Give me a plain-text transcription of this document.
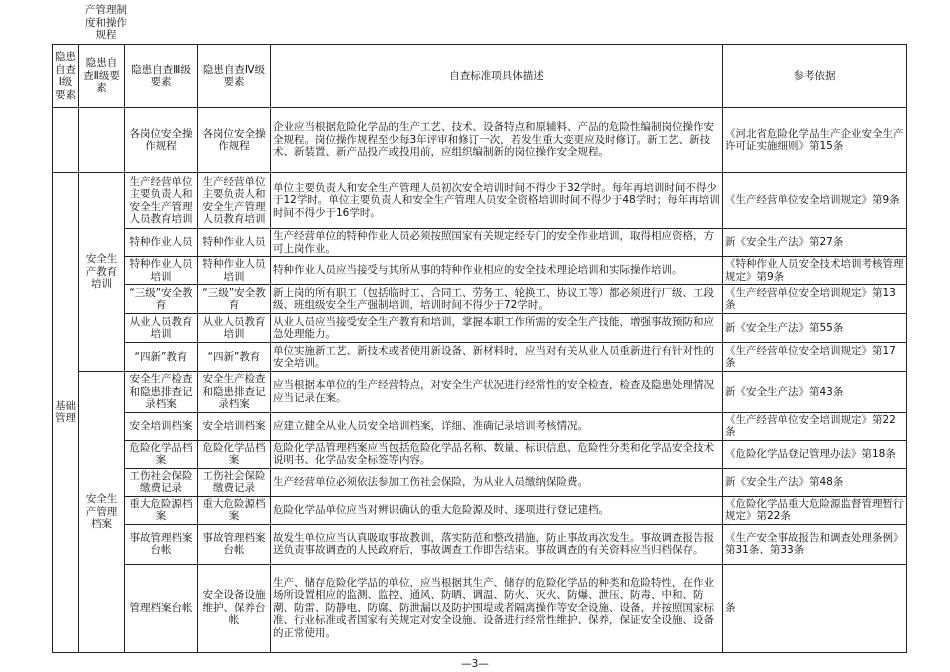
产管理制度和操作规程
隐患自查Ⅰ级要素	隐患自查Ⅱ级要素	隐患自查Ⅲ级要素	隐患自查Ⅳ级要素	自查标准项具体描述	参考依据
		各岗位安全操作规程	各岗位安全操作规程	企业应当根据危险化学品的生产工艺、技术、设备特点和原辅料、产品的危险性编制岗位操作安全规程。岗位操作规程至少每3年评审和修订一次，若发生重大变更应及时修订。新工艺、新技术、新装置、新产品投产或投用前，应组织编制新的岗位操作安全规程。	《河北省危险化学品生产企业安全生产许可证实施细则》第15条
基础管理	安全生产教育培训	生产经营单位主要负责人和安全生产管理人员教育培训	生产经营单位主要负责人和安全生产管理人员教育培训	单位主要负责人和安全生产管理人员初次安全培训时间不得少于32学时。每年再培训时间不得少于12学时。单位主要负责人和安全生产管理人员安全资格培训时间不得少于48学时；每年再培训时间不得少于16学时。	《生产经营单位安全培训规定》第9条
		特种作业人员	特种作业人员	生产经营单位的特种作业人员必须按照国家有关规定经专门的安全作业培训，取得相应资格，方可上岗作业。	新《安全生产法》第27条
		特种作业人员培训	特种作业人员培训	特种作业人员应当接受与其所从事的特种作业相应的安全技术理论培训和实际操作培训。	《特种作业人员安全技术培训考核管理规定》第9条
		“三级”安全教育	“三级”安全教育	新上岗的所有职工（包括临时工、合同工、劳务工、轮换工、协议工等）都必须进行厂级、工段级、班组级安全生产强制培训，培训时间不得少于72学时。	《生产经营单位安全培训规定》第13条
		从业人员教育培训	从业人员教育培训	从业人员应当接受安全生产教育和培训，掌握本职工作所需的安全生产技能，增强事故预防和应急处理能力。	新《安全生产法》第55条
		“四新”教育	“四新”教育	单位实施新工艺、新技术或者使用新设备、新材料时，应当对有关从业人员重新进行有针对性的安全培训。	《生产经营单位安全培训规定》第17条
	安全生产管理档案	安全生产检查和隐患排查记录档案	安全生产检查和隐患排查记录档案	应当根据本单位的生产经营特点，对安全生产状况进行经常性的安全检查，检查及隐患处理情况应当记录在案。	新《安全生产法》第43条
		安全培训档案	安全培训档案	应建立健全从业人员安全培训档案，详细、准确记录培训考核情况。	《生产经营单位安全培训规定》第22条
		危险化学品档案	危险化学品档案	危险化学品管理档案应当包括危险化学品名称、数量、标识信息、危险性分类和化学品安全技术说明书、化学品安全标签等内容。	《危险化学品登记管理办法》第18条
		工伤社会保险缴费记录	工伤社会保险缴费记录	生产经营单位必须依法参加工伤社会保险，为从业人员缴纳保险费。	新《安全生产法》第48条
		重大危险源档案	重大危险源档案	危险化学品单位应当对辨识确认的重大危险源及时、逐项进行登记建档。	《危险化学品重大危险源监督管理暂行规定》第22条
		事故管理档案台帐	事故管理档案台帐	故发生单位应当认真吸取事故教训，落实防范和整改措施，防止事故再次发生。事故调查报告报送负责事故调查的人民政府后，事故调查工作即告结束。事故调查的有关资料应当归档保存。	《生产安全事故报告和调查处理条例》第31条、第33条
		管理档案台帐	安全设备设施维护、保养台帐	生产、储存危险化学品的单位，应当根据其生产、储存的危险化学品的种类和危险特性，在作业场所设置相应的监测、监控、通风、防晒、调温、防火、灭火、防爆、泄压、防毒、中和、防潮、防雷、防静电、防腐、防泄漏以及防护围堤或者隔离操作等安全设施、设备，并按照国家标准、行业标准或者国家有关规定对安全设施、设备进行经常性维护、保养，保证安全设施、设备的正常使用。	条
—3—
